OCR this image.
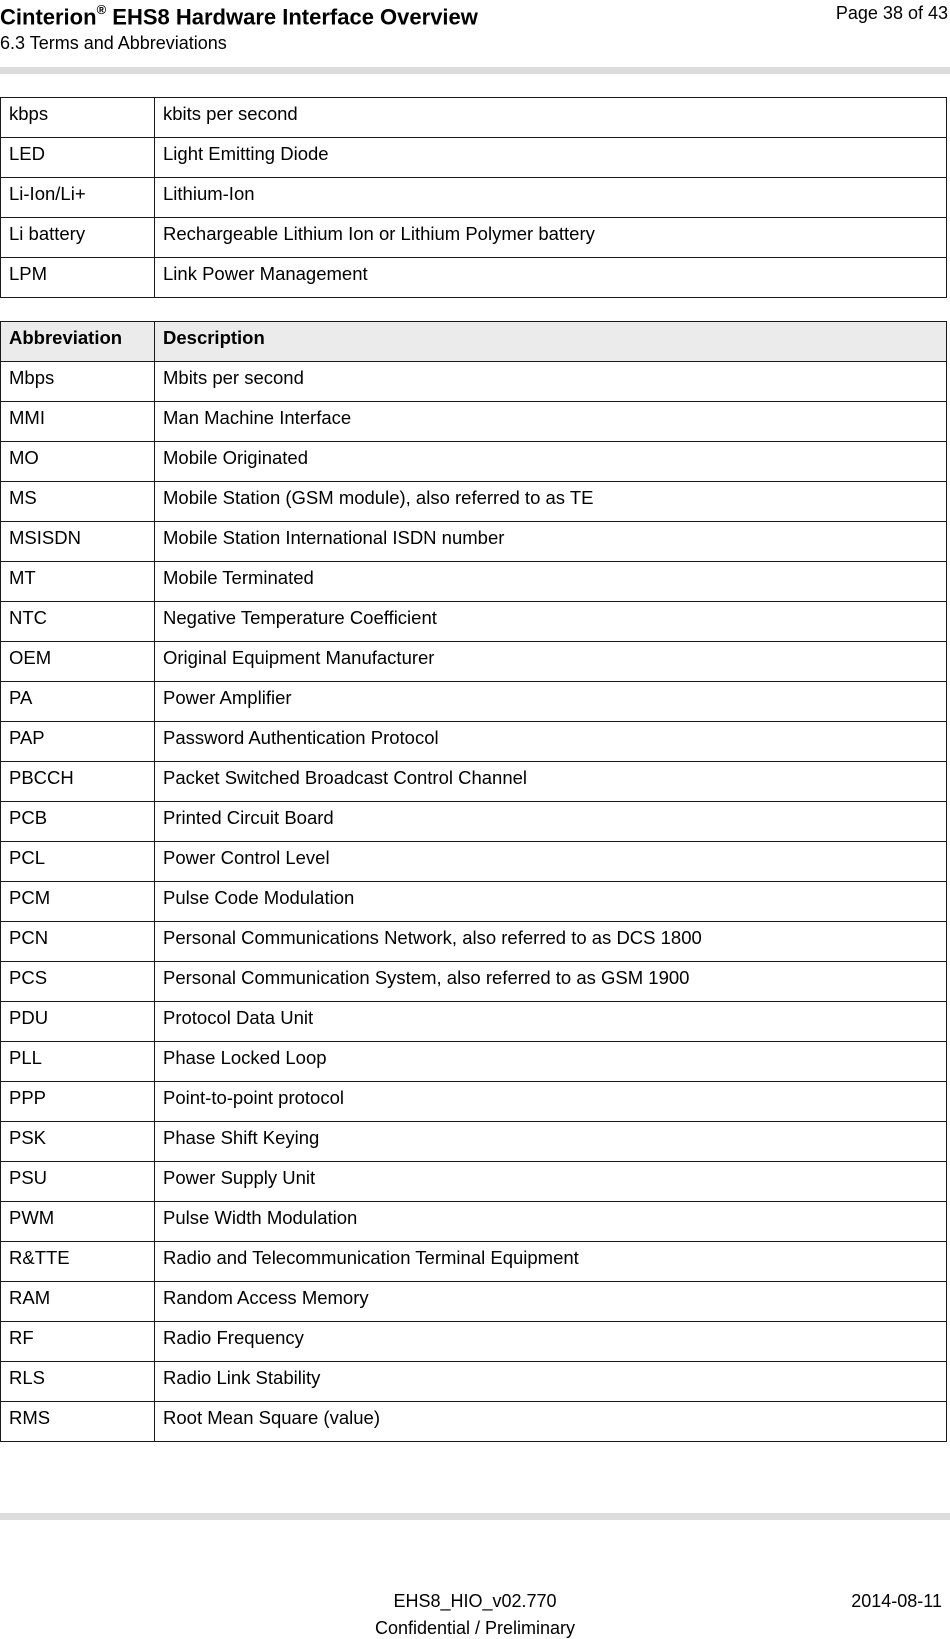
Cinterion® EHS8 Hardware Interface Overview	Page 38 of 43
6.3 Terms and Abbreviations
kbps	kbits per second
LED	Light Emitting Diode
Li-Ion/Li+	Lithium-Ion
Li battery	Rechargeable Lithium Ion or Lithium Polymer battery
LPM	Link Power Management
Abbreviation	Description
Mbps	Mbits per second
MMI	Man Machine Interface
MO	Mobile Originated
MS	Mobile Station (GSM module), also referred to as TE
MSISDN	Mobile Station International ISDN number
MT	Mobile Terminated
NTC	Negative Temperature Coefficient
OEM	Original Equipment Manufacturer
PA	Power Amplifier
PAP	Password Authentication Protocol
PBCCH	Packet Switched Broadcast Control Channel
PCB	Printed Circuit Board
PCL	Power Control Level
PCM	Pulse Code Modulation
PCN	Personal Communications Network, also referred to as DCS 1800
PCS	Personal Communication System, also referred to as GSM 1900
PDU	Protocol Data Unit
PLL	Phase Locked Loop
PPP	Point-to-point protocol
PSK	Phase Shift Keying
PSU	Power Supply Unit
PWM	Pulse Width Modulation
R&TTE	Radio and Telecommunication Terminal Equipment
RAM	Random Access Memory
RF	Radio Frequency
RLS	Radio Link Stability
RMS	Root Mean Square (value)
EHS8_HIO_v02.770	2014-08-11
Confidential / Preliminary
